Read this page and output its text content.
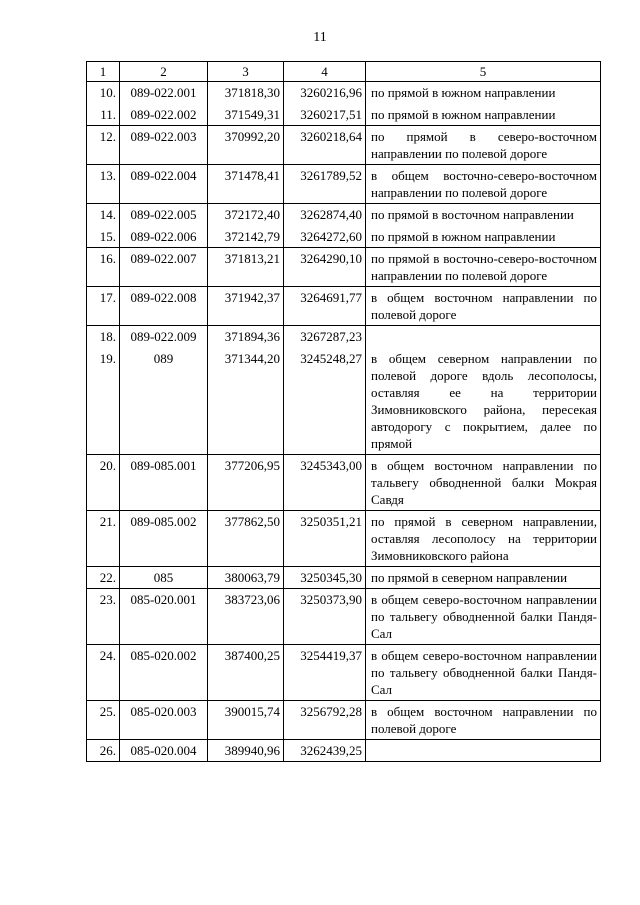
11
1	2	3	4	5
10.	089-022.001	371818,30	3260216,96	по прямой в южном направлении
11.	089-022.002	371549,31	3260217,51	по прямой в южном направлении
12.	089-022.003	370992,20	3260218,64	по прямой в северо-восточном направлении по полевой дороге
13.	089-022.004	371478,41	3261789,52	в общем восточно-северо-восточном направлении по полевой дороге
14.	089-022.005	372172,40	3262874,40	по прямой в восточном направлении
15.	089-022.006	372142,79	3264272,60	по прямой в южном направлении
16.	089-022.007	371813,21	3264290,10	по прямой в восточно-северо-восточном направлении по полевой дороге
17.	089-022.008	371942,37	3264691,77	в общем восточном направлении по полевой дороге
18.	089-022.009	371894,36	3267287,23	
19.	089	371344,20	3245248,27	в общем северном направлении по полевой дороге вдоль лесополосы, оставляя ее на территории Зимовниковского района, пересекая автодорогу с покрытием, далее по прямой
20.	089-085.001	377206,95	3245343,00	в общем восточном направлении по тальвегу обводненной балки Мокрая Савдя
21.	089-085.002	377862,50	3250351,21	по прямой в северном направлении, оставляя лесополосу на территории Зимовниковского района
22.	085	380063,79	3250345,30	по прямой в северном направлении
23.	085-020.001	383723,06	3250373,90	в общем северо-восточном направлении по тальвегу обводненной балки Пандя-Сал
24.	085-020.002	387400,25	3254419,37	в общем северо-восточном направлении по тальвегу обводненной балки Пандя-Сал
25.	085-020.003	390015,74	3256792,28	в общем восточном направлении по полевой дороге
26.	085-020.004	389940,96	3262439,25	
